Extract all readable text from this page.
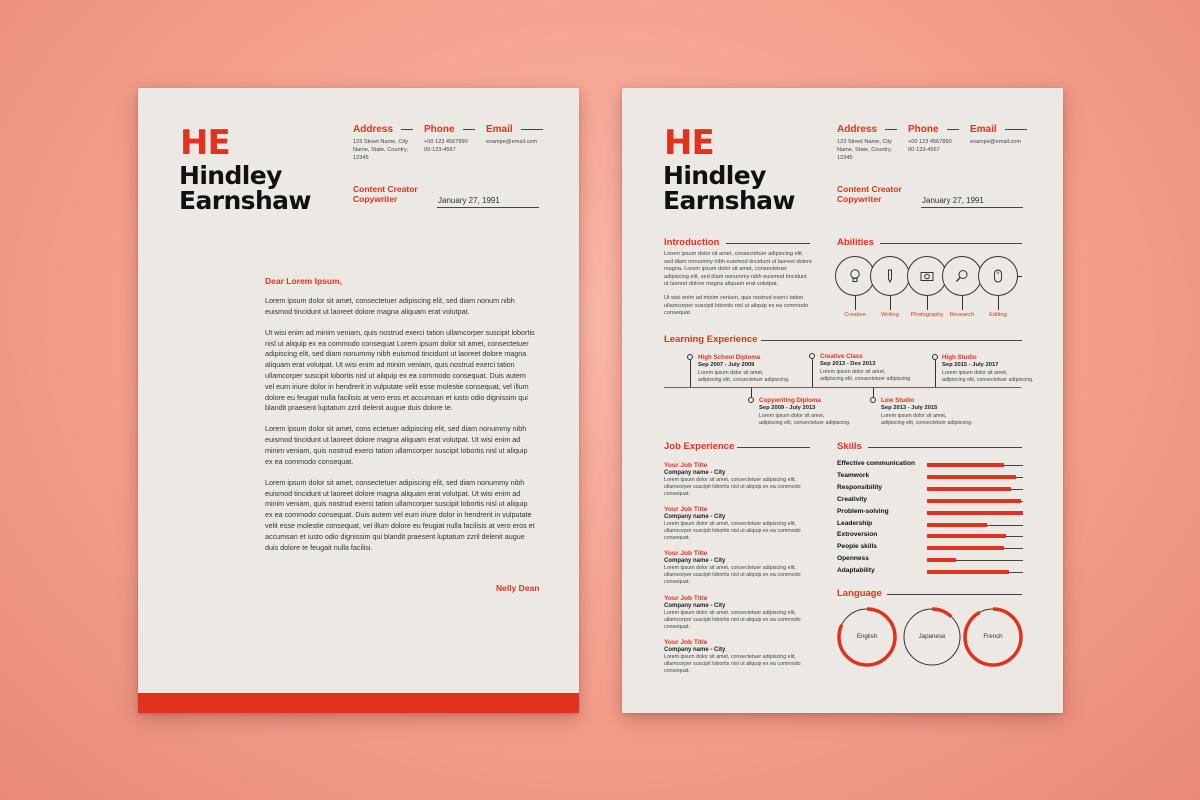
HE
Hindley
Earnshaw
Address
123 Street Name, City
Name, State, Country,
12345
Phone
+00 123 4567890
00-123-4567
Email
exampe@email.com
Content Creator
Copywriter	January 27, 1991
Dear Lorem Ipsum,

Lorem ipsum dolor sit amet, consectetuer adipiscing elit, sed diam nonum nibh euismod tincidunt ut laoreet dolore magna aliquam erat volutpat.

Ut wisi enim ad minim veniam, quis nostrud exerci tation ullamcorper suscipit lobortis nisl ut aliquip ex ea commodo consequat Lorem ipsum dolor sit amet, consectetuer adipiscing elit, sed diam nonummy nibh euismod tincidunt ut laoreet dolore magna aliquam erat volutpat. Ut wisi enim ad minim veniam, quis nostrud exerci tation ullamcorper suscipit lobortis nisl ut aliquip ex ea commodo consequat. Duis autem vel eum iriure dolor in hendrerit in vulputate velit esse molestie consequat, vel illum dolore eu feugiat nulla facilisis at vero eros et accumsan et iusto odio dignissim qui blandit praesent luptatum zzril delenit augue duis dolore te.

Lorem ipsum dolor sit amet, cons ectetuer adipiscing elit, sed diam nonummy nibh euismod tincidunt ut laoreet dolore magna aliquam erat volutpat. Ut wisi enim ad minim veniam, quis nostrud exerci tation ullamcorper suscipit lobortis nisl ut aliquip ex ea commodo consequat.

Lorem ipsum dolor sit amet, consectetuer adipiscing elit, sed diam nonummy nibh euismod tincidunt ut laoreet dolore magna aliquam erat volutpat. Ut wisi enim ad minim veniam, quis nostrud exerci tation ullamcorper suscipit lobortis nisl ut aliquip ex ea commodo consequat. Duis autem vel eum iriure dolor in hendrerit in vulputate velit esse molestie consequat, vel illum dolore eu feugiat nulla facilisis at vero eros et accumsan et iusto odio dignissim qui blandit praesent luptatum zzril delenit augue duis dolore te feugait nulla facilisi.

Nelly Dean
HE
Hindley
Earnshaw
Address
123 Street Name, City
Name, State, Country,
12345
Phone
+00 123 4567890
00-123-4567
Email
exampe@email.com
Content Creator
Copywriter	January 27, 1991
Introduction

Lorem ipsum dolor sit amet, consectetuer adipiscing elit, sed diam nonummy nibh euismod tincidunt ut laoreet dolore magna. Lorem ipsum dolor sit amet, consectetuer adipiscing elit, sed diam nonummy nibh euismod tincidunt ut laoreet dolore magna aliquam erat volutpat.

Ut wisi enim ad minim veniam, quis nostrud exerci tation ullamcorper suscipit lobortis nisl ut aliquip ex ea commodo consequat.

Abilities
Creative	Writing	Photography	Research	Editing
Learning Experience
High School Diploma
Sep 2007 - July 2009
Lorem ipsum dolor sit amet,
adipiscing elit, consectetuer adipiscing.
Creative Class
Sep 2013 - Des 2013
Lorem ipsum dolor sit amet,
adipiscing elit, consectetuer adipiscing.
High Studio
Sep 2015 - July 2017
Lorem ipsum dolor sit amet,
adipiscing elit, consectetuer adipiscing.
Copywriting Diploma
Sep 2009 - July 2013
Lorem ipsum dolor sit amet,
adipiscing elit, consectetuer adipiscing.
Low Studio
Sep 2013 - July 2015
Lorem ipsum dolor sit amet,
adipiscing elit, consectetuer adipiscing.
Job Experience
Your Job Title
Company name - City
Lorem ipsum dolor sit amet, consectetuer adipiscing elit,
ullamcorper suscipit lobortis nisl ut aliquip ex ea commodo
consequat.
Your Job Title
Company name - City
Lorem ipsum dolor sit amet, consectetuer adipiscing elit,
ullamcorper suscipit lobortis nisl ut aliquip ex ea commodo
consequat.
Your Job Title
Company name - City
Lorem ipsum dolor sit amet, consectetuer adipiscing elit,
ullamcorper suscipit lobortis nisl ut aliquip ex ea commodo
consequat.
Your Job Title
Company name - City
Lorem ipsum dolor sit amet, consectetuer adipiscing elit,
ullamcorper suscipit lobortis nisl ut aliquip ex ea commodo
consequat.
Your Job Title
Company name - City
Lorem ipsum dolor sit amet, consectetuer adipiscing elit,
ullamcorper suscipit lobortis nisl ut aliquip ex ea commodo
consequat.
Skills
Language
Effective communication
Teamwork
Responsibility
Creativity
Problem-solving
Leadership
Extroversion
People skills
Openness
Adaptability
English	Japanese	French
